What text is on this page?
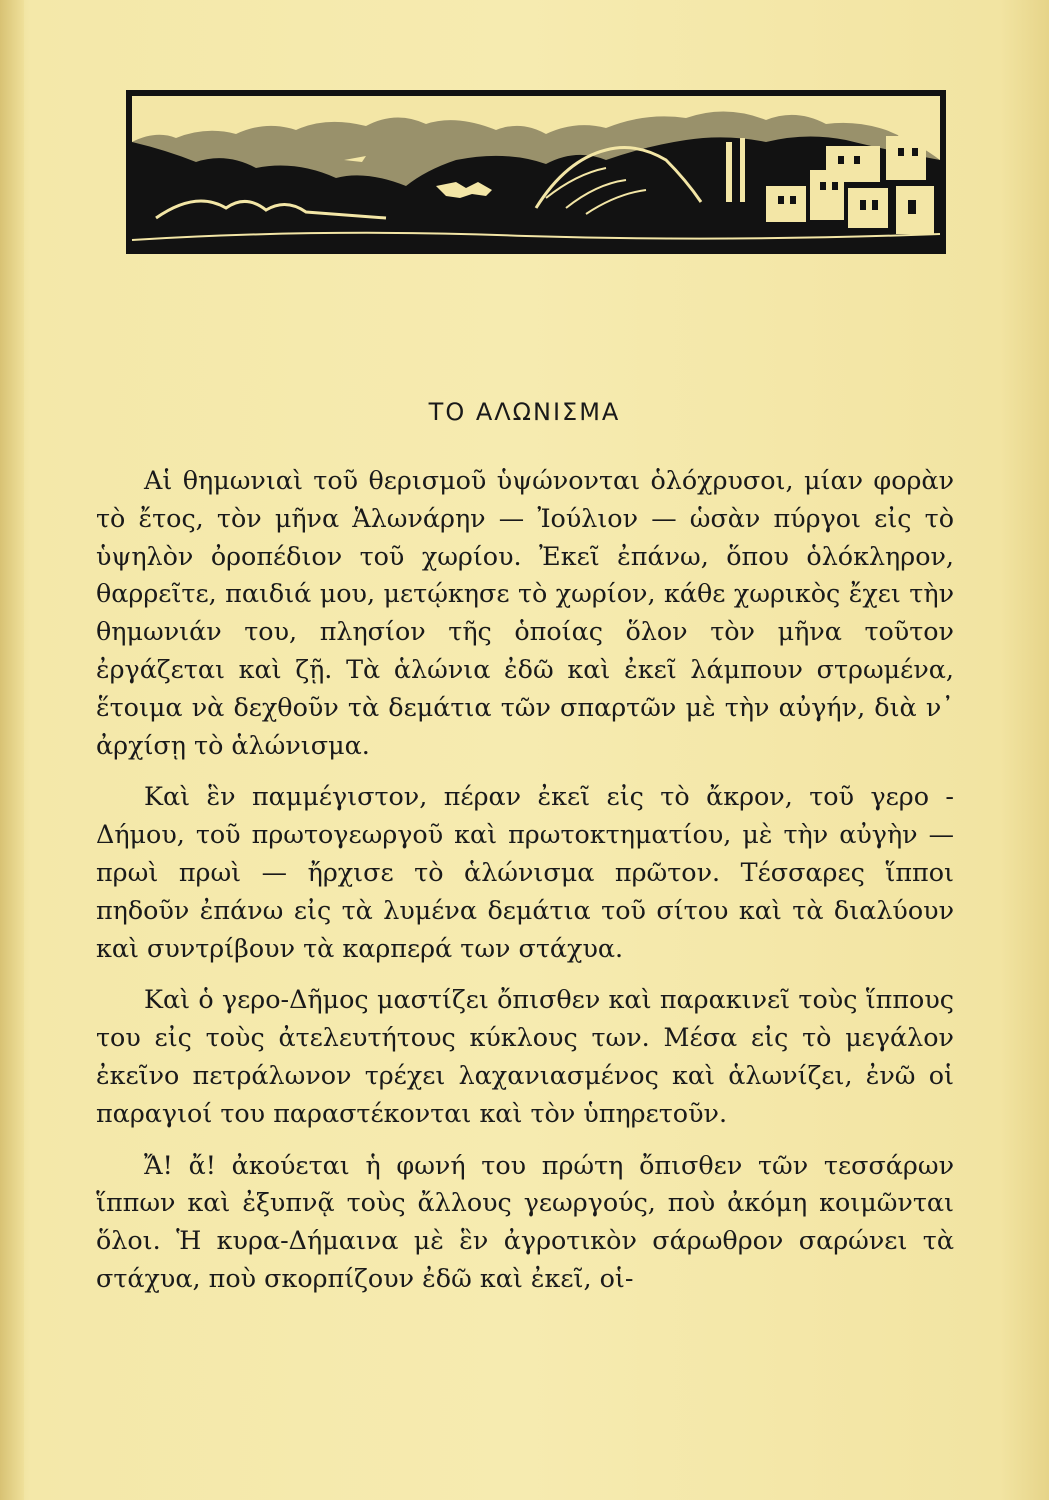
ΤΟ ΑΛΩΝΙΣΜΑ

Αἱ θημωνιαὶ τοῦ θερισμοῦ ὑψώνονται ὁλόχρυσοι, μίαν φορὰν τὸ ἔτος, τὸν μῆνα Ἁλωνάρην — Ἰούλιον — ὡσὰν πύργοι εἰς τὸ ὑψηλὸν ὀροπέδιον τοῦ χωρίου. Ἐκεῖ ἐπάνω, ὅπου ὁλόκληρον, θαρρεῖτε, παιδιά μου, μετῴκησε τὸ χωρίον, κάθε χωρικὸς ἔχει τὴν θημωνιάν του, πλησίον τῆς ὁποίας ὅλον τὸν μῆνα τοῦτον ἐργάζεται καὶ ζῇ. Τὰ ἁλώνια ἐδῶ καὶ ἐκεῖ λάμπουν στρωμένα, ἕτοιμα νὰ δεχθοῦν τὰ δεμάτια τῶν σπαρτῶν μὲ τὴν αὐγήν, διὰ ν᾿ ἀρχίσῃ τὸ ἁλώνισμα.

Καὶ ἓν παμμέγιστον, πέραν ἐκεῖ εἰς τὸ ἄκρον, τοῦ γερο - Δήμου, τοῦ πρωτογεωργοῦ καὶ πρωτοκτηματίου, μὲ τὴν αὐγὴν — πρωὶ πρωὶ — ἤρχισε τὸ ἁλώνισμα πρῶτον. Τέσσαρες ἵπποι πηδοῦν ἐπάνω εἰς τὰ λυμένα δεμάτια τοῦ σίτου καὶ τὰ διαλύουν καὶ συντρίβουν τὰ καρπερά των στάχυα.

Καὶ ὁ γερο-Δῆμος μαστίζει ὄπισθεν καὶ παρακινεῖ τοὺς ἵππους του εἰς τοὺς ἀτελευτήτους κύκλους των. Μέσα εἰς τὸ μεγάλον ἐκεῖνο πετράλωνον τρέχει λαχανιασμένος καὶ ἁλωνίζει, ἐνῶ οἱ παραγιοί του παραστέκονται καὶ τὸν ὑπηρετοῦν.

Ἄ! ἄ! ἀκούεται ἡ φωνή του πρώτη ὄπισθεν τῶν τεσσάρων ἵππων καὶ ἐξυπνᾷ τοὺς ἄλλους γεωργούς, ποὺ ἀκόμη κοιμῶνται ὅλοι. Ἡ κυρα-Δήμαινα μὲ ἓν ἀγροτικὸν σάρωθρον σαρώνει τὰ στάχυα, ποὺ σκορπίζουν ἐδῶ καὶ ἐκεῖ, οἱ-
